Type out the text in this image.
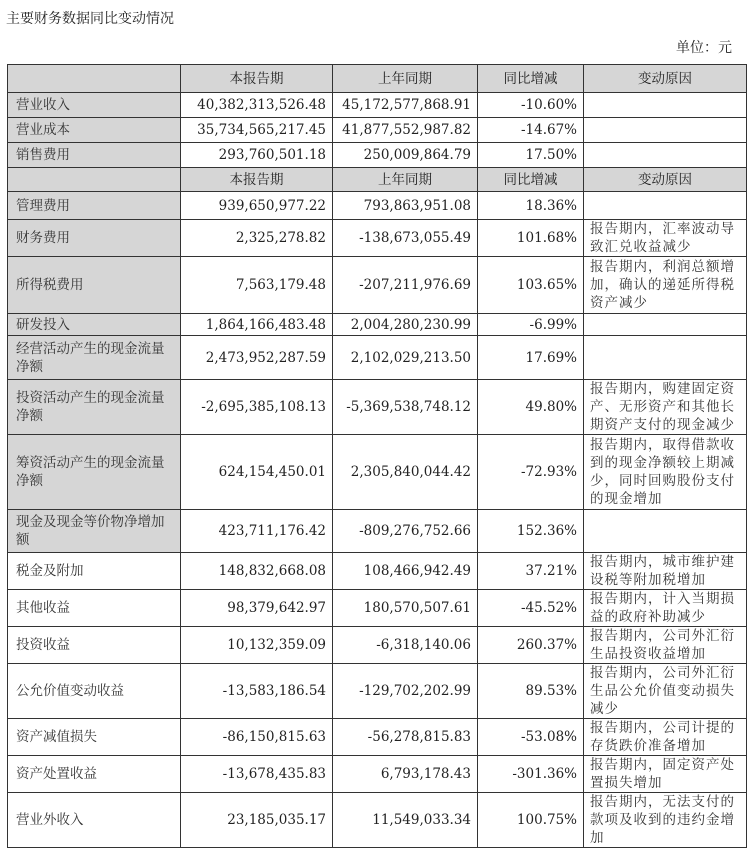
主要财务数据同比变动情况
单位：元
	本报告期	上年同期	同比增减	变动原因
营业收入	40,382,313,526.48	45,172,577,868.91	-10.60%	
营业成本	35,734,565,217.45	41,877,552,987.82	-14.67%	
销售费用	293,760,501.18	250,009,864.79	17.50%	
	本报告期	上年同期	同比增减	变动原因
管理费用	939,650,977.22	793,863,951.08	18.36%	
财务费用	2,325,278.82	-138,673,055.49	101.68%	报告期内，汇率波动导致汇兑收益减少
所得税费用	7,563,179.48	-207,211,976.69	103.65%	报告期内，利润总额增加，确认的递延所得税资产减少
研发投入	1,864,166,483.48	2,004,280,230.99	-6.99%	
经营活动产生的现金流量净额	2,473,952,287.59	2,102,029,213.50	17.69%	
投资活动产生的现金流量净额	-2,695,385,108.13	-5,369,538,748.12	49.80%	报告期内，购建固定资产、无形资产和其他长期资产支付的现金减少
筹资活动产生的现金流量净额	624,154,450.01	2,305,840,044.42	-72.93%	报告期内，取得借款收到的现金净额较上期减少，同时回购股份支付的现金增加
现金及现金等价物净增加额	423,711,176.42	-809,276,752.66	152.36%	
税金及附加	148,832,668.08	108,466,942.49	37.21%	报告期内，城市维护建设税等附加税增加
其他收益	98,379,642.97	180,570,507.61	-45.52%	报告期内，计入当期损益的政府补助减少
投资收益	10,132,359.09	-6,318,140.06	260.37%	报告期内，公司外汇衍生品投资收益增加
公允价值变动收益	-13,583,186.54	-129,702,202.99	89.53%	报告期内，公司外汇衍生品公允价值变动损失减少
资产减值损失	-86,150,815.63	-56,278,815.83	-53.08%	报告期内，公司计提的存货跌价准备增加
资产处置收益	-13,678,435.83	6,793,178.43	-301.36%	报告期内，固定资产处置损失增加
营业外收入	23,185,035.17	11,549,033.34	100.75%	报告期内，无法支付的款项及收到的违约金增加
